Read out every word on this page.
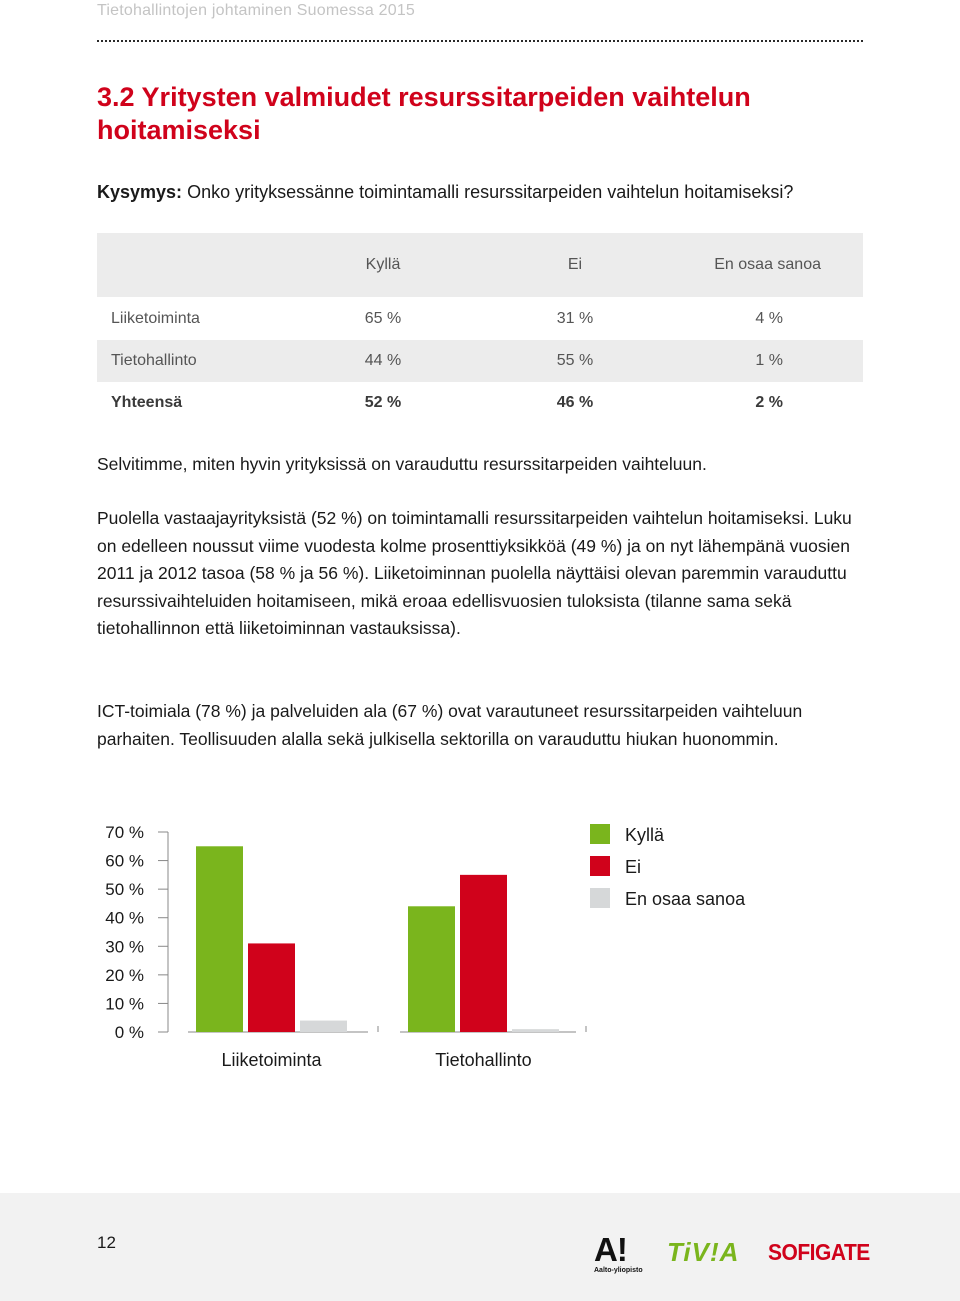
Tietohallintojen johtaminen Suomessa 2015
3.2 Yritysten valmiudet resurssitarpeiden vaihtelun hoitamiseksi
Kysymys: Onko yrityksessänne toimintamalli resurssitarpeiden vaihtelun hoitamiseksi?
Kyllä	Ei	En osaa sanoa
Liiketoiminta	65 %	31 %	4 %
Tietohallinto	44 %	55 %	1 %
Yhteensä	52 %	46 %	2 %

Selvitimme, miten hyvin yrityksissä on varauduttu resurssitarpeiden vaihteluun.

Puolella vastaajayrityksistä (52 %) on toimintamalli resurssitarpeiden vaihtelun hoitamiseksi. Luku on edelleen noussut viime vuodesta kolme prosenttiyksikköä (49 %) ja on nyt lähempänä vuosien 2011 ja 2012 tasoa (58 % ja 56 %). Liiketoiminnan puolella näyttäisi olevan paremmin varauduttu resurssivaihteluiden hoitamiseen, mikä eroaa edellisvuosien tuloksista (tilanne sama sekä tietohallinnon että liiketoiminnan vastauksissa).

ICT-toimiala (78 %) ja palveluiden ala (67 %) ovat varautuneet resurssitarpeiden vaihteluun parhaiten. Teollisuuden alalla sekä julkisella sektorilla on varauduttu hiukan huonommin.

70 %
60 %
50 %
40 %
30 %
20 %
10 %
0 %
Liiketoiminta	Tietohallinto
Kyllä
Ei
En osaa sanoa
12	A!
Aalto-yliopisto
TiV!A SOFIGATE
